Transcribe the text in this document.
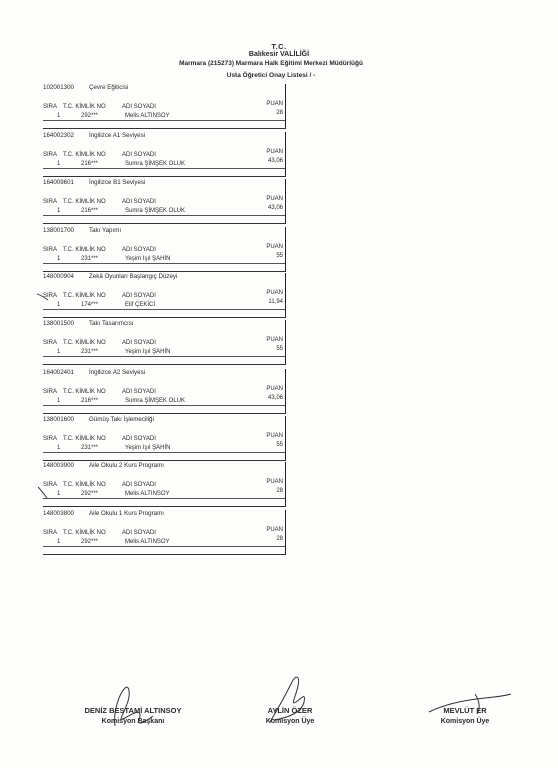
T.C.
Balıkesir VALİLİĞİ
Marmara (215273) Marmara Halk Eğitimi Merkezi Müdürlüğü
Usta Öğretici Onay Listesi / -
102001300 Çevre Eğiticisi
SIRA T.C. KİMLİK NO	ADI SOYADI	PUAN
1	292***	Melis ALTINSOY	28
164002302 İngilizce A1 Seviyesi
SIRA T.C. KİMLİK NO	ADI SOYADI	PUAN
1	216***	Sumra ŞİMŞEK OLUK	43,06
164009601 İngilizce B1 Seviyesi
SIRA T.C. KİMLİK NO	ADI SOYADI	PUAN
1	216***	Sumra ŞİMŞEK OLUK	43,06
138001700 Takı Yapımı
SIRA T.C. KİMLİK NO	ADI SOYADI	PUAN
1	231***	Yeşim Işıl ŞAHİN	55
148000904 Zekâ Oyunları Başlangıç Düzeyi
SIRA T.C. KİMLİK NO	ADI SOYADI	PUAN
1	174***	Elif ÇEKİCİ	11,94
138001500 Takı Tasarımcısı
SIRA T.C. KİMLİK NO	ADI SOYADI	PUAN
1	231***	Yeşim Işıl ŞAHİN	55
164002401 İngilizce A2 Seviyesi
SIRA T.C. KİMLİK NO	ADI SOYADI	PUAN
1	216***	Sumra ŞİMŞEK OLUK	43,06
138001600 Gümüş Takı İşlemeciliği
SIRA T.C. KİMLİK NO	ADI SOYADI	PUAN
1	231***	Yeşim Işıl ŞAHİN	55
148003900 Aile Okulu 2 Kurs Programı
SIRA T.C. KİMLİK NO	ADI SOYADI	PUAN
1	292***	Melis ALTINSOY	28
148003800 Aile Okulu 1 Kurs Programı
SIRA T.C. KİMLİK NO	ADI SOYADI	PUAN
1	292***	Melis ALTINSOY	28
DENİZ BESTAMİ ALTINSOY
Komisyon Başkanı
AYLİN ÖZER
Komisyon Üye
MEVLÜT ER
Komisyon Üye
